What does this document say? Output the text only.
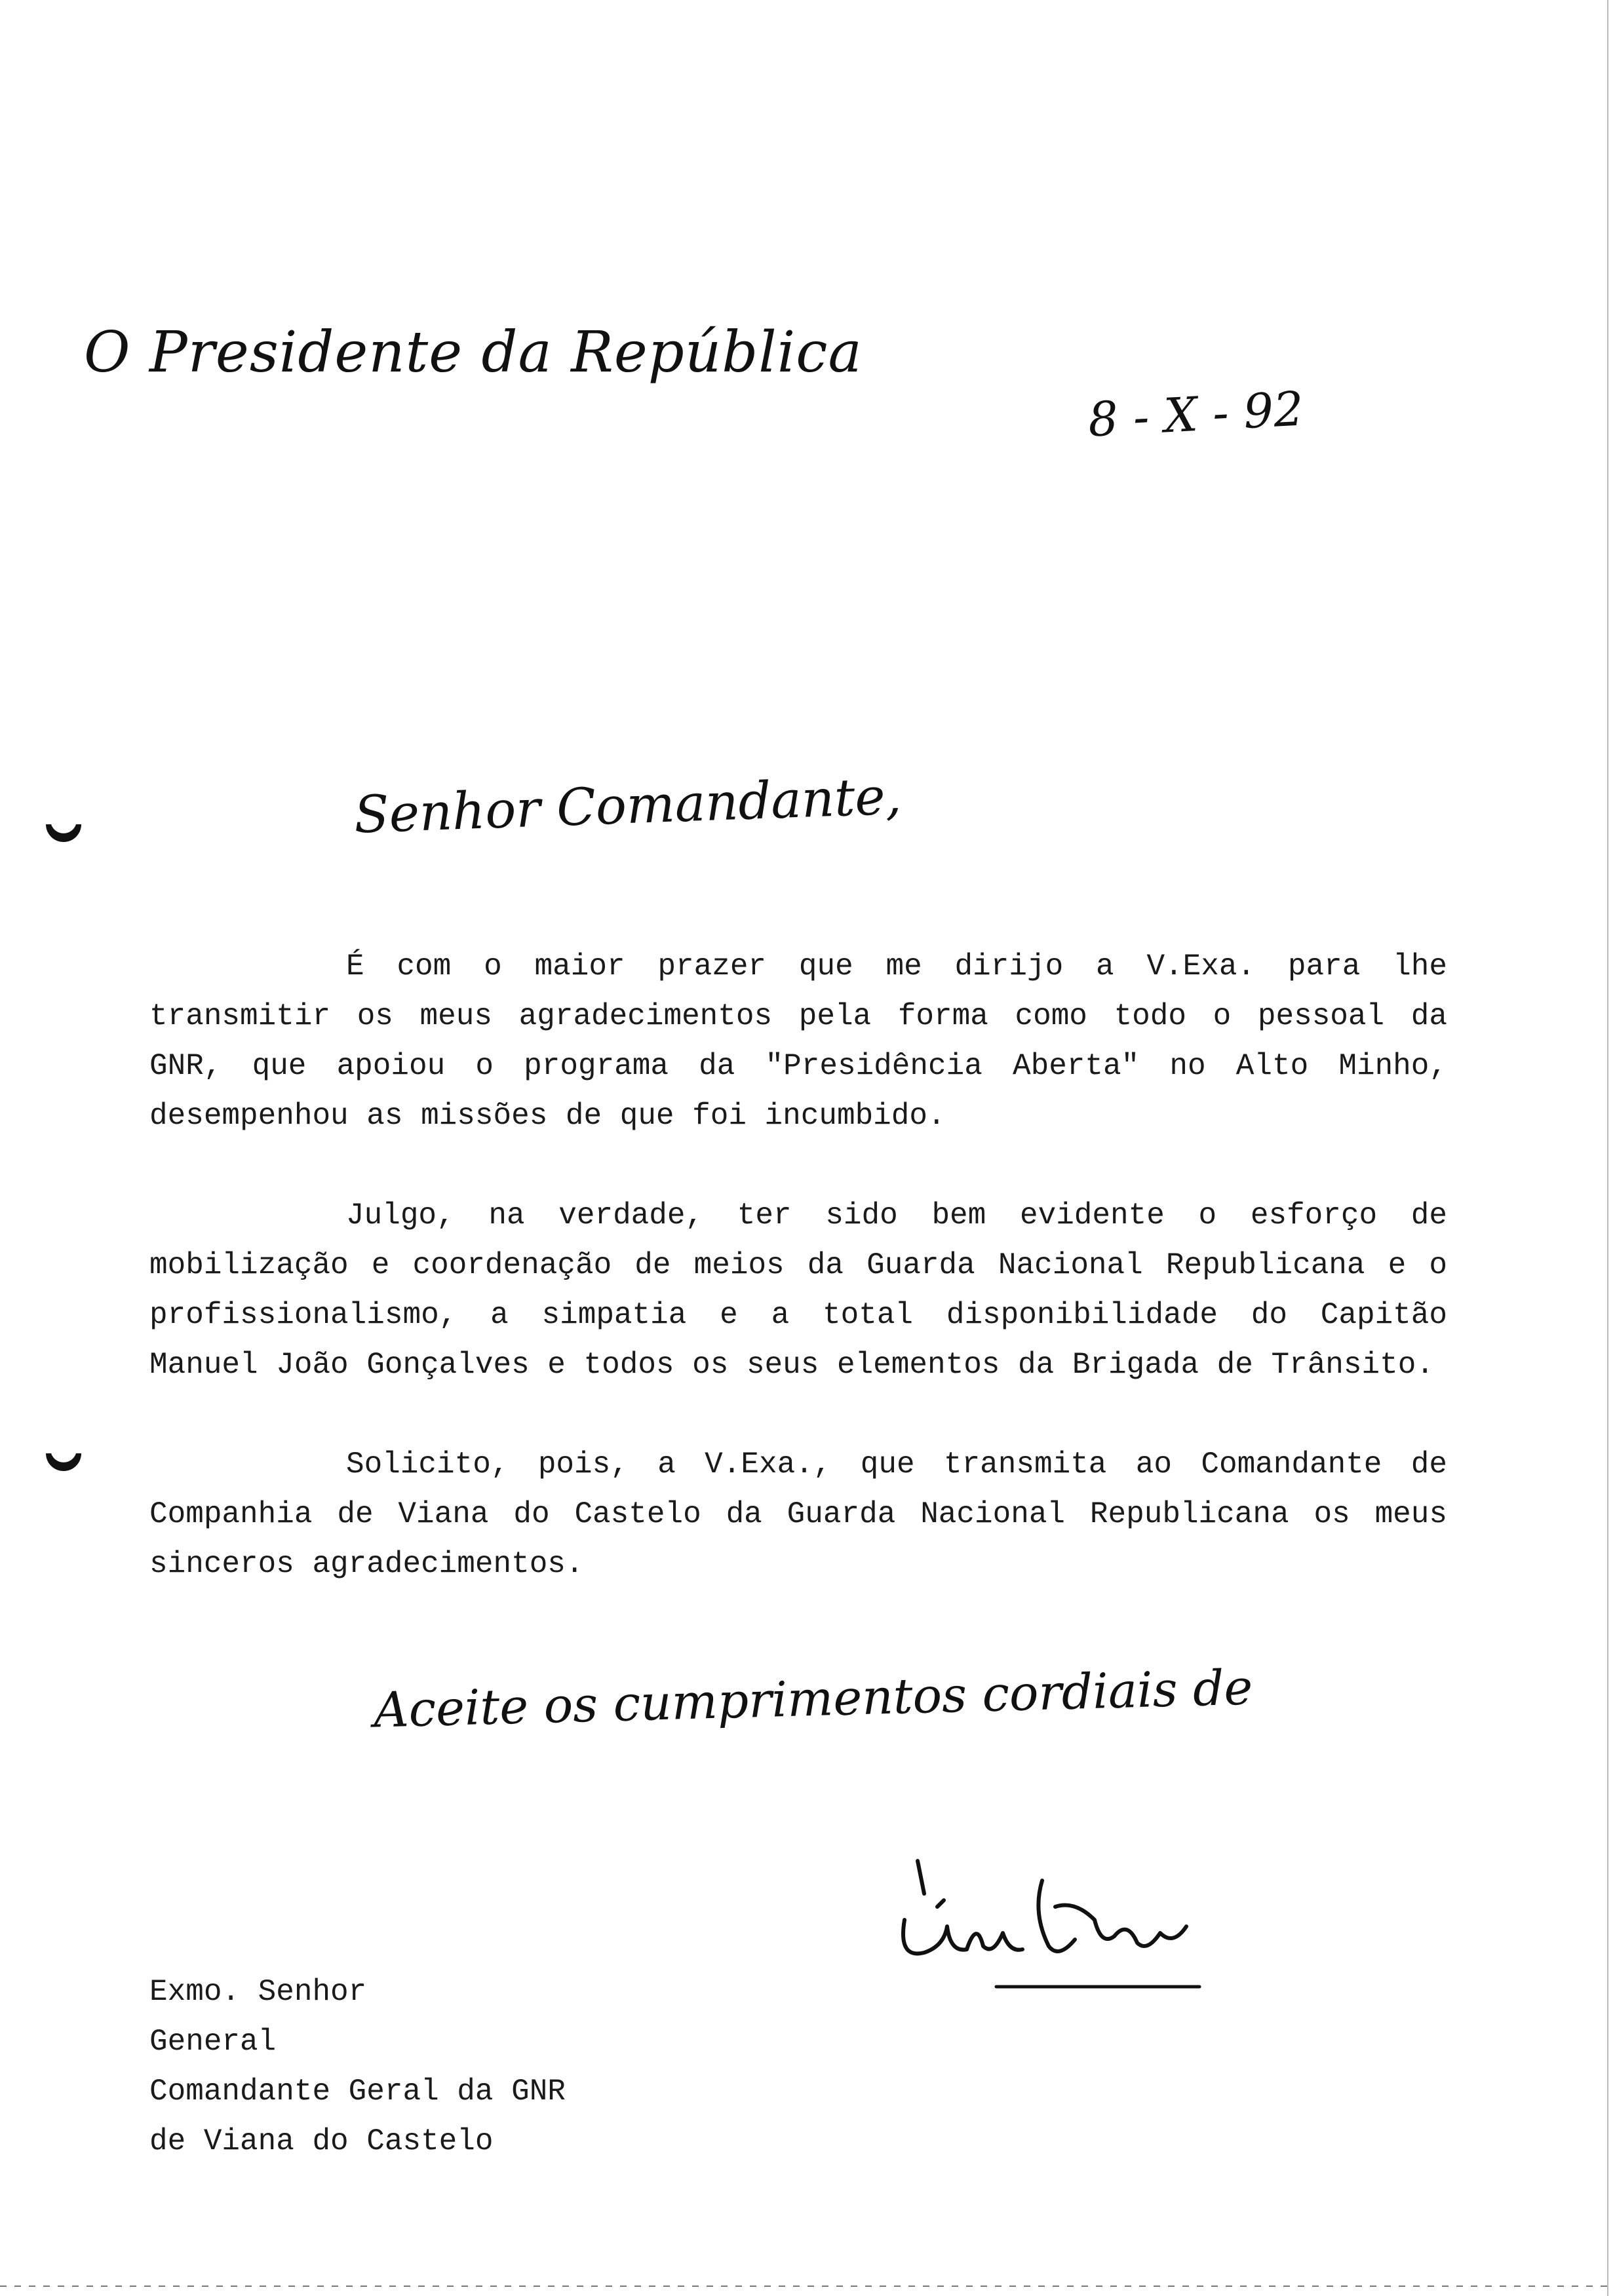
O Presidente da República
8 - X - 92
Senhor Comandante,

É com o maior prazer que me dirijo a V.Exa. para lhe transmitir os meus agradecimentos pela forma como todo o pessoal da GNR, que apoiou o programa da "Presidência Aberta" no Alto Minho, desempenhou as missões de que foi incumbido.

Julgo, na verdade, ter sido bem evidente o esforço de mobilização e coordenação de meios da Guarda Nacional Republicana e o profissionalismo, a simpatia e a total disponibilidade do Capitão Manuel João Gonçalves e todos os seus elementos da Brigada de Trânsito.

Solicito, pois, a V.Exa., que transmita ao Comandante de Companhia de Viana do Castelo da Guarda Nacional Republicana os meus sinceros agradecimentos.

Aceite os cumprimentos cordiais de
Exmo. Senhor
General
Comandante Geral da GNR
de Viana do Castelo
